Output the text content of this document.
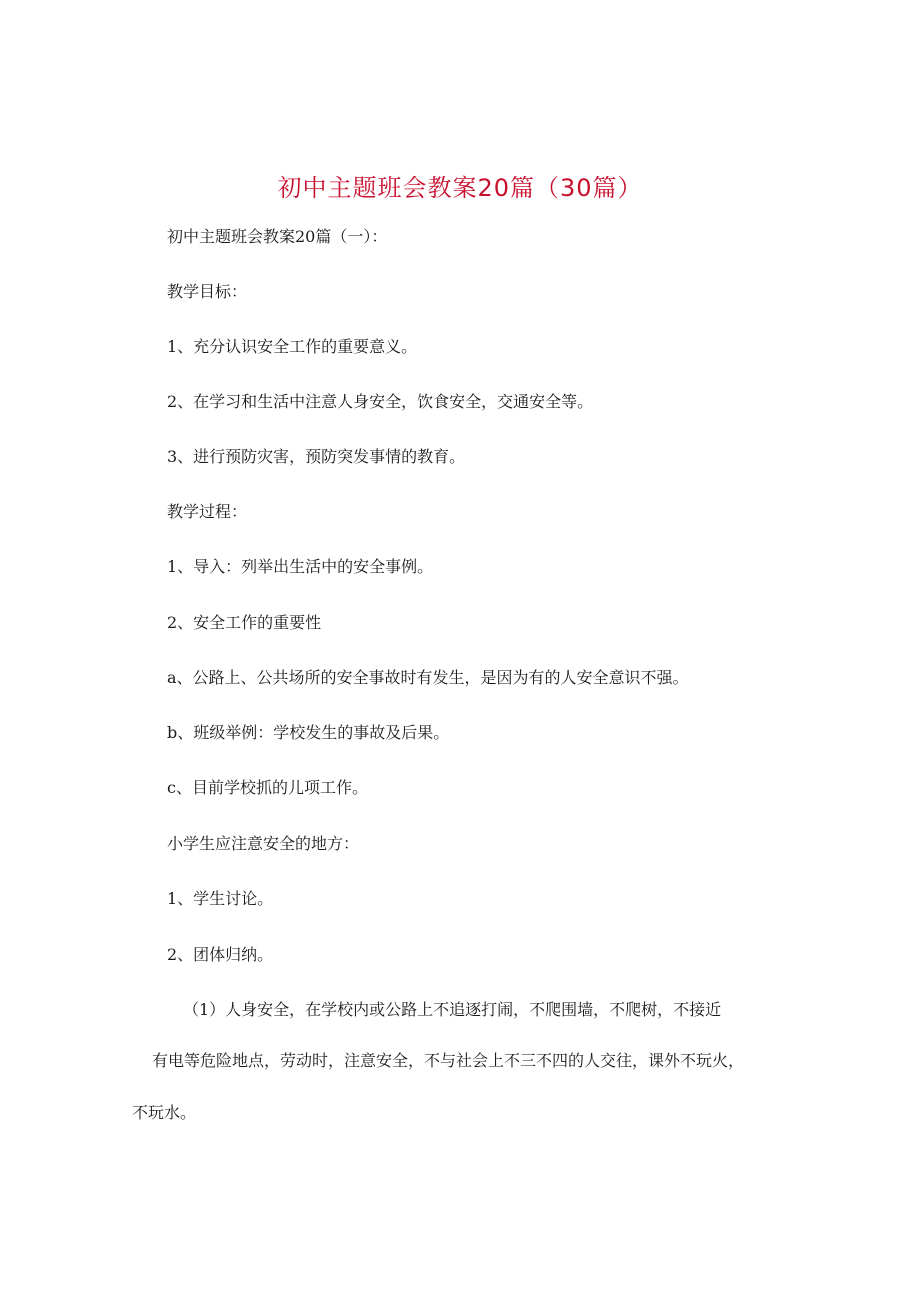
初中主题班会教案20篇（30篇）
初中主题班会教案20篇（一）：
教学目标：
1、充分认识安全工作的重要意义。
2、在学习和生活中注意人身安全，饮食安全，交通安全等。
3、进行预防灾害，预防突发事情的教育。
教学过程：
1、导入：列举出生活中的安全事例。
2、安全工作的重要性
a、公路上、公共场所的安全事故时有发生，是因为有的人安全意识不强。
b、班级举例：学校发生的事故及后果。
c、目前学校抓的儿项工作。
小学生应注意安全的地方：
1、学生讨论。
2、团体归纳。
（1）人身安全，在学校内或公路上不追逐打闹，不爬围墙，不爬树，不接近
有电等危险地点，劳动时，注意安全，不与社会上不三不四的人交往，课外不玩火，
不玩水。
